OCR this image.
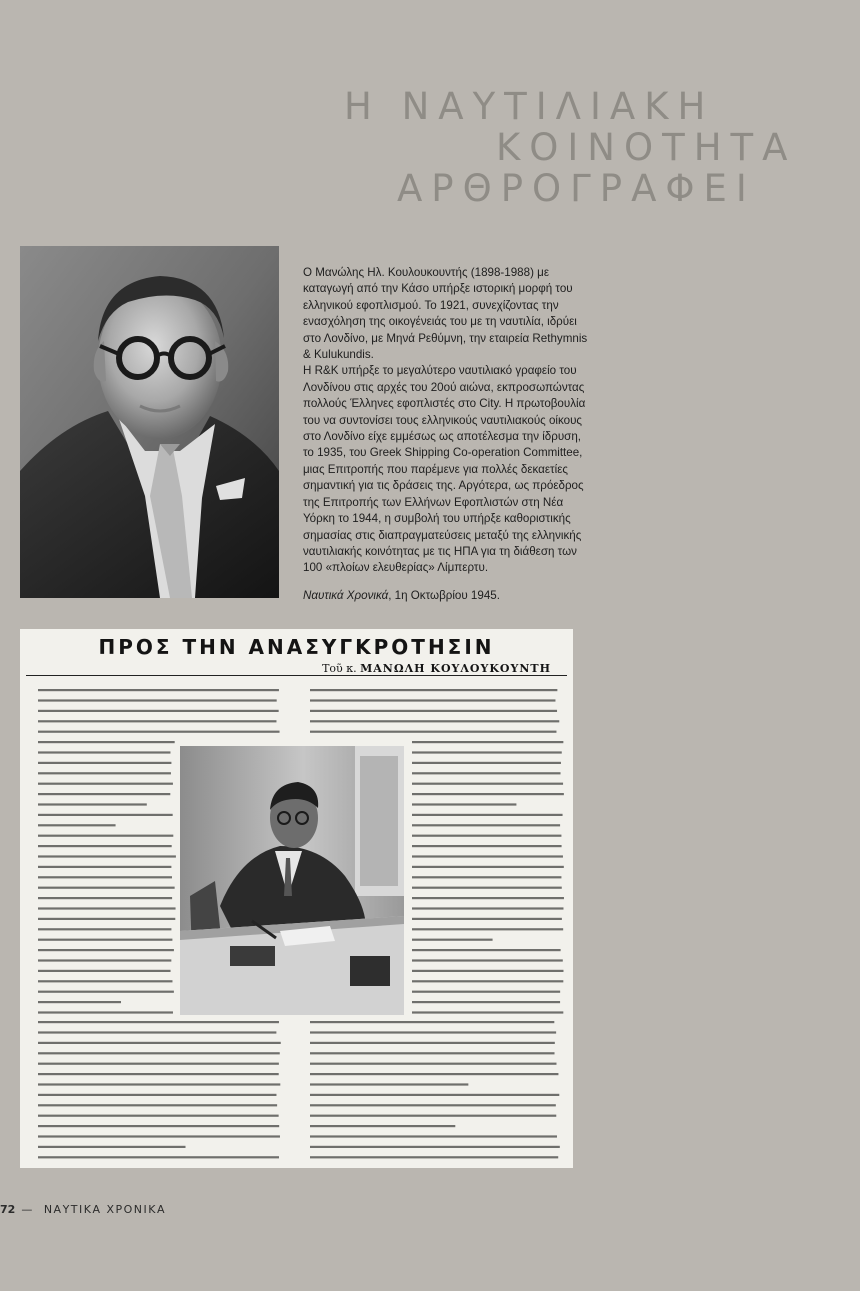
Η ΝΑΥΤΙΛΙΑΚΗ
ΚΟΙΝΟΤΗΤΑ
ΑΡΘΡΟΓΡΑΦΕΙ

Ο Μανώλης Ηλ. Κουλουκουντής (1898-1988) με καταγωγή από την Κάσο υπήρξε ιστορική μορφή του ελληνικού εφοπλισμού. Το 1921, συνεχίζοντας την ενασχόληση της οικογένειάς του με τη ναυτιλία, ιδρύει στο Λονδίνο, με Μηνά Ρεθύμνη, την εταιρεία Rethymnis & Kulukundis.

Η R&K υπήρξε το μεγαλύτερο ναυτιλιακό γραφείο του Λονδίνου στις αρχές του 20ού αιώνα, εκπροσωπώντας πολλούς Έλληνες εφοπλιστές στο City. Η πρωτοβουλία του να συντονίσει τους ελληνικούς ναυτιλιακούς οίκους στο Λονδίνο είχε εμμέσως ως αποτέλεσμα την ίδρυση, το 1935, του Greek Shipping Co-operation Committee, μιας Επιτροπής που παρέμενε για πολλές δεκαετίες σημαντική για τις δράσεις της. Αργότερα, ως πρόεδρος της Επιτροπής των Ελλήνων Εφοπλιστών στη Νέα Υόρκη το 1944, η συμβολή του υπήρξε καθοριστικής σημασίας στις διαπραγματεύσεις μεταξύ της ελληνικής ναυτιλιακής κοινότητας με τις ΗΠΑ για τη διάθεση των 100 «πλοίων ελευθερίας» Λίμπερτυ.

Ναυτικά Χρονικά, 1η Οκτωβρίου 1945.

ΠΡΟΣ ΤΗΝ ΑΝΑΣΥΓΚΡΟΤΗΣΙΝ

Τοῦ κ. ΜΑΝΩΛΗ ΚΟΥΛΟΥΚΟΥΝΤΗ

72 — ΝΑΥΤΙΚΑ ΧΡΟΝΙΚΑ
